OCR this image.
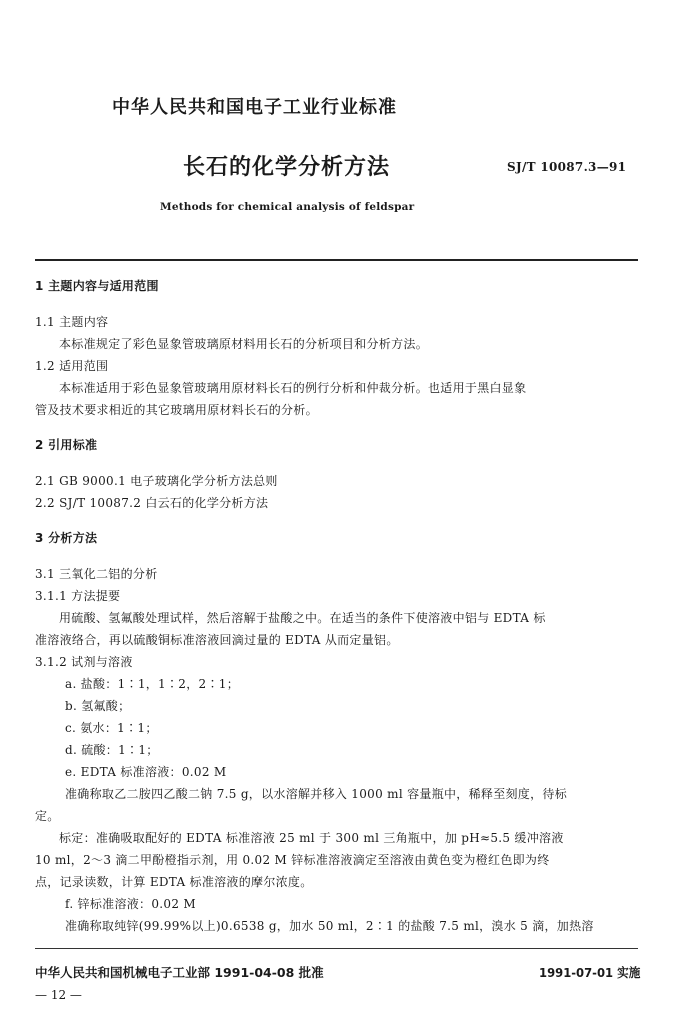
中华人民共和国电子工业行业标准
长石的化学分析方法	SJ/T 10087.3—91
Methods for chemical analysis of feldspar
1 主题内容与适用范围
1.1 主题内容
本标准规定了彩色显象管玻璃原材料用长石的分析项目和分析方法。
1.2 适用范围
本标准适用于彩色显象管玻璃用原材料长石的例行分析和仲裁分析。也适用于黑白显象
管及技术要求相近的其它玻璃用原材料长石的分析。
2 引用标准
2.1 GB 9000.1 电子玻璃化学分析方法总则
2.2 SJ/T 10087.2 白云石的化学分析方法
3 分析方法
3.1 三氧化二铝的分析
3.1.1 方法提要
用硫酸、氢氟酸处理试样，然后溶解于盐酸之中。在适当的条件下使溶液中铝与 EDTA 标
准溶液络合，再以硫酸铜标准溶液回滴过量的 EDTA 从而定量铝。
3.1.2 试剂与溶液
a. 盐酸：1∶1，1∶2，2∶1；
b. 氢氟酸；
c. 氨水：1∶1；
d. 硫酸：1∶1；
e. EDTA 标准溶液：0.02 M
准确称取乙二胺四乙酸二钠 7.5 g，以水溶解并移入 1000 ml 容量瓶中，稀释至刻度，待标
定。
标定：准确吸取配好的 EDTA 标准溶液 25 ml 于 300 ml 三角瓶中，加 pH≈5.5 缓冲溶液
10 ml，2～3 滴二甲酚橙指示剂，用 0.02 M 锌标准溶液滴定至溶液由黄色变为橙红色即为终
点，记录读数，计算 EDTA 标准溶液的摩尔浓度。
f. 锌标准溶液：0.02 M
准确称取纯锌(99.99%以上)0.6538 g，加水 50 ml，2∶1 的盐酸 7.5 ml，溴水 5 滴，加热溶
中华人民共和国机械电子工业部 1991-04-08 批准	1991-07-01 实施
— 12 —
